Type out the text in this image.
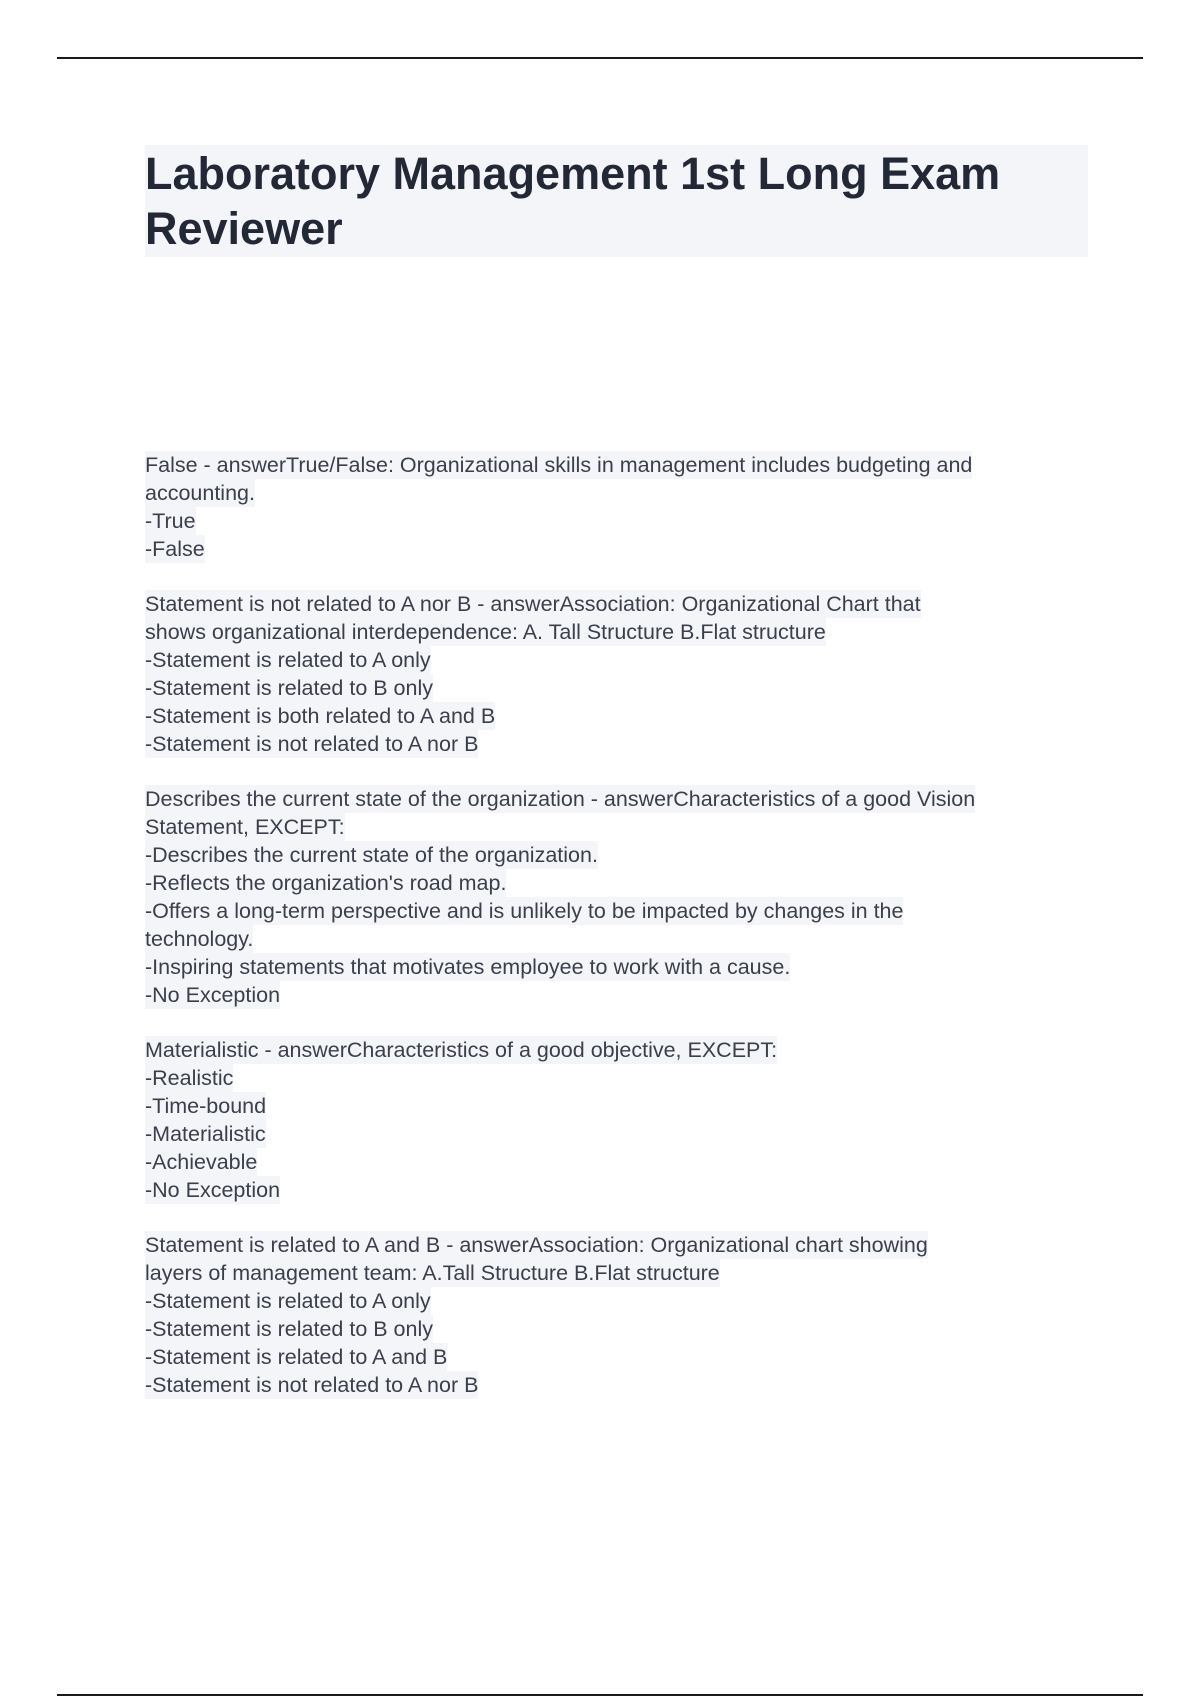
Laboratory Management 1st Long Exam
Reviewer
False - answerTrue/False: Organizational skills in management includes budgeting and
accounting.
-True
-False
Statement is not related to A nor B - answerAssociation: Organizational Chart that
shows organizational interdependence: A. Tall Structure B.Flat structure
-Statement is related to A only
-Statement is related to B only
-Statement is both related to A and B
-Statement is not related to A nor B
Describes the current state of the organization - answerCharacteristics of a good Vision
Statement, EXCEPT:
-Describes the current state of the organization.
-Reflects the organization's road map.
-Offers a long-term perspective and is unlikely to be impacted by changes in the
technology.
-Inspiring statements that motivates employee to work with a cause.
-No Exception
Materialistic - answerCharacteristics of a good objective, EXCEPT:
-Realistic
-Time-bound
-Materialistic
-Achievable
-No Exception
Statement is related to A and B - answerAssociation: Organizational chart showing
layers of management team: A.Tall Structure B.Flat structure
-Statement is related to A only
-Statement is related to B only
-Statement is related to A and B
-Statement is not related to A nor B
